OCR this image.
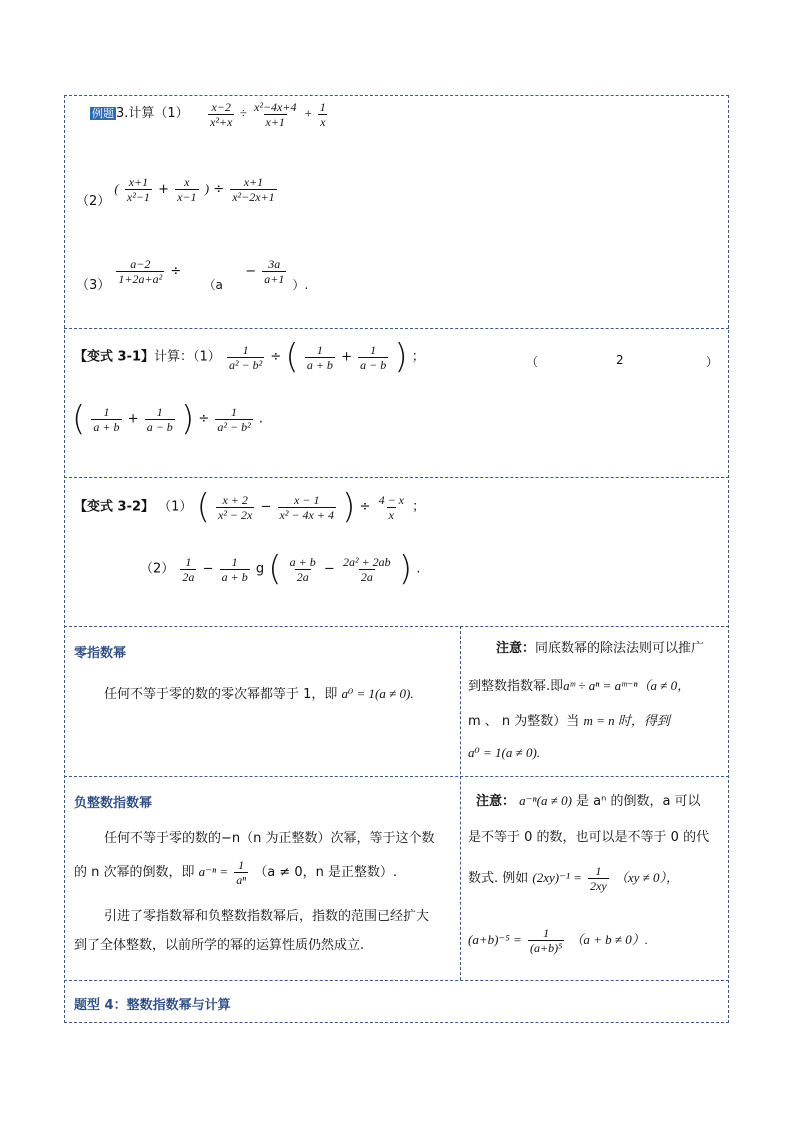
例题 3.计算$(1) \frac{x-2}{\text{x²+x}} \div \frac{\text{x²−4x+4}}{x+1} + \frac{1}{x}$
（2） ( $\frac{x+1}{\text{x²−1}} + \frac{x}{x-1}$ ) ÷ $\frac{x+1}{\text{x²−2x+1}}$
$(3) \frac{a-2}{\text{1+2a+a²}} \div (a - \frac{3a}{a+1}$ ）.
【变式 3-1】计算：$(1) \frac{1}{\text{a² − b²}}$ ÷ ( $\frac{1}{a + b} + \frac{1}{a - b}$ ) ；	（	2	）
( $\frac{1}{a + b} + \frac{1}{a - b}$ ) ÷ $\frac{1}{\text{a² − b²}}$ .
【变式 3-2】 （1） ( $\frac{x + 2}{\text{x² − 2x}} - \frac{x - 1}{\text{x² − 4x + 4}}$ ) ÷ $\frac{4 - x}{x}$ ；
$(2) \frac{1}{2a} - \frac{1}{a + b}$ g ( $\frac{a + b}{2a} - \frac{\text{2a² + 2ab}}{2a}$ ) .
零指数幂
任何不等于零的数的零次幂都等于 1，即 a⁰ = 1(a ≠ 0).
注意：同底数幂的除法法则可以推广
到整数指数幂.即aᵐ ÷ aⁿ = aᵐ⁻ⁿ（a ≠ 0，
m 、 n 为整数）当 m = n 时，得到
a⁰ = 1(a ≠ 0).
负整数指数幂
任何不等于零的数的−n（n 为正整数）次幂，等于这个数
的 n 次幂的倒数，即 $a^{-n} = \frac{1}{\text{aⁿ}} (a \ne 0$，n 是正整数）.
引进了零指数幂和负整数指数幂后，指数的范围已经扩大
到了全体整数，以前所学的幂的运算性质仍然成立.
注意： a⁻ⁿ(a ≠ 0) 是 aⁿ 的倒数，a 可以
是不等于 0 的数，也可以是不等于 0 的代
数式. 例如 $(2xy)^{-1} = \frac{1}{2xy} (xy \ne 0)$，
$(a+b)^{-5} = \frac{1}{\text{(a+b)⁵}} (a + b \ne 0)$.
题型 4：整数指数幂与计算
